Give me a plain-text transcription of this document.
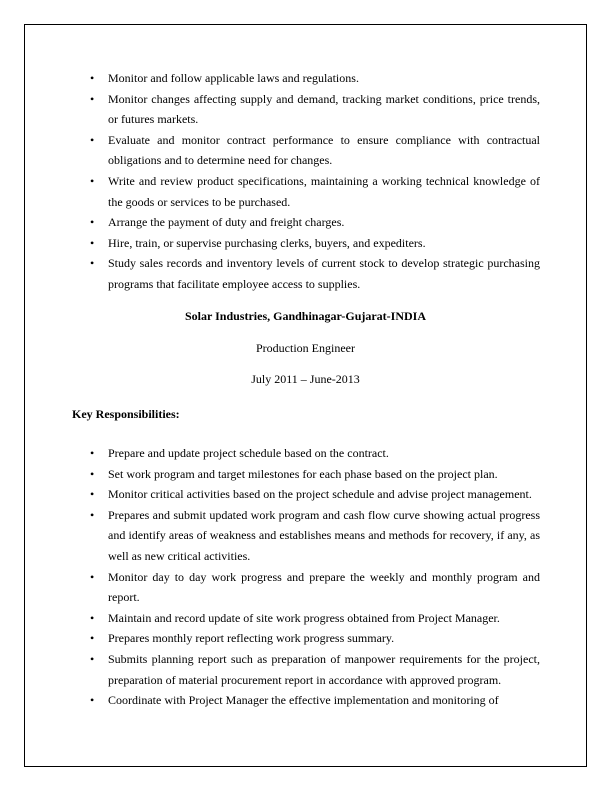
• Monitor and follow applicable laws and regulations.
• Monitor changes affecting supply and demand, tracking market conditions, price trends, or futures markets.
• Evaluate and monitor contract performance to ensure compliance with contractual obligations and to determine need for changes.
• Write and review product specifications, maintaining a working technical knowledge of the goods or services to be purchased.
• Arrange the payment of duty and freight charges.
• Hire, train, or supervise purchasing clerks, buyers, and expediters.
• Study sales records and inventory levels of current stock to develop strategic purchasing programs that facilitate employee access to supplies.
Solar Industries, Gandhinagar-Gujarat-INDIA
Production Engineer
July 2011 – June-2013
Key Responsibilities:
• Prepare and update project schedule based on the contract.
• Set work program and target milestones for each phase based on the project plan.
• Monitor critical activities based on the project schedule and advise project management.
• Prepares and submit updated work program and cash flow curve showing actual progress and identify areas of weakness and establishes means and methods for recovery, if any, as well as new critical activities.
• Monitor day to day work progress and prepare the weekly and monthly program and report.
• Maintain and record update of site work progress obtained from Project Manager.
• Prepares monthly report reflecting work progress summary.
• Submits planning report such as preparation of manpower requirements for the project, preparation of material procurement report in accordance with approved program.
• Coordinate with Project Manager the effective implementation and monitoring of
